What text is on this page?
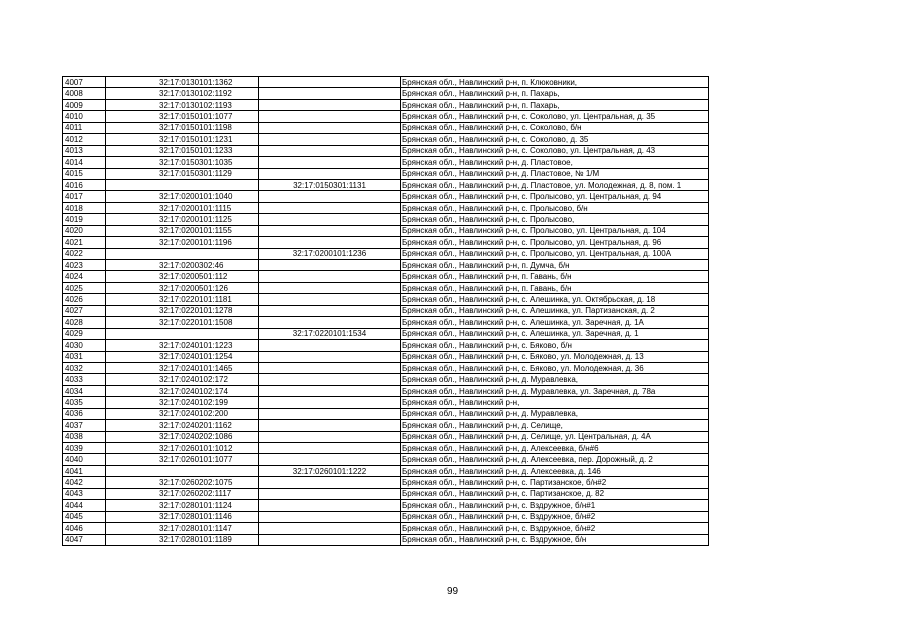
4007	32:17:0130101:1362		Брянская обл., Навлинский р-н, п. Клюковники,
4008	32:17:0130102:1192		Брянская обл., Навлинский р-н, п. Пахарь,
4009	32:17:0130102:1193		Брянская обл., Навлинский р-н, п. Пахарь,
4010	32:17:0150101:1077		Брянская обл., Навлинский р-н, с. Соколово, ул. Центральная, д. 35
4011	32:17:0150101:1198		Брянская обл., Навлинский р-н, с. Соколово, б/н
4012	32:17:0150101:1231		Брянская обл., Навлинский р-н, с. Соколово, д. 35
4013	32:17:0150101:1233		Брянская обл., Навлинский р-н, с. Соколово, ул. Центральная, д. 43
4014	32:17:0150301:1035		Брянская обл., Навлинский р-н, д. Пластовое,
4015	32:17:0150301:1129		Брянская обл., Навлинский р-н, д. Пластовое, № 1/М
4016		32:17:0150301:1131	Брянская обл., Навлинский р-н, д. Пластовое, ул. Молодежная, д. 8, пом. 1
4017	32:17:0200101:1040		Брянская обл., Навлинский р-н, с. Пролысово, ул. Центральная, д. 94
4018	32:17:0200101:1115		Брянская обл., Навлинский р-н, с. Пролысово, б/н
4019	32:17:0200101:1125		Брянская обл., Навлинский р-н, с. Пролысово,
4020	32:17:0200101:1155		Брянская обл., Навлинский р-н, с. Пролысово, ул. Центральная, д. 104
4021	32:17:0200101:1196		Брянская обл., Навлинский р-н, с. Пролысово, ул. Центральная, д. 96
4022		32:17:0200101:1236	Брянская обл., Навлинский р-н, с. Пролысово, ул. Центральная, д. 100А
4023	32:17:0200302:46		Брянская обл., Навлинский р-н, п. Думча, б/н
4024	32:17:0200501:112		Брянская обл., Навлинский р-н, п. Гавань, б/н
4025	32:17:0200501:126		Брянская обл., Навлинский р-н, п. Гавань, б/н
4026	32:17:0220101:1181		Брянская обл., Навлинский р-н, с. Алешинка, ул. Октябрьская, д. 18
4027	32:17:0220101:1278		Брянская обл., Навлинский р-н, с. Алешинка, ул. Партизанская, д. 2
4028	32:17:0220101:1508		Брянская обл., Навлинский р-н, с. Алешинка, ул. Заречная, д. 1А
4029		32:17:0220101:1534	Брянская обл., Навлинский р-н, с. Алешинка, ул. Заречная, д. 1
4030	32:17:0240101:1223		Брянская обл., Навлинский р-н, с. Бяково, б/н
4031	32:17:0240101:1254		Брянская обл., Навлинский р-н, с. Бяково, ул. Молодежная, д. 13
4032	32:17:0240101:1465		Брянская обл., Навлинский р-н, с. Бяково, ул. Молодежная, д. 36
4033	32:17:0240102:172		Брянская обл., Навлинский р-н, д. Муравлевка,
4034	32:17:0240102:174		Брянская обл., Навлинский р-н, д. Муравлевка, ул. Заречная, д. 78а
4035	32:17:0240102:199		Брянская обл., Навлинский р-н,
4036	32:17:0240102:200		Брянская обл., Навлинский р-н, д. Муравлевка,
4037	32:17:0240201:1162		Брянская обл., Навлинский р-н, д. Селище,
4038	32:17:0240202:1086		Брянская обл., Навлинский р-н, д. Селище, ул. Центральная, д. 4А
4039	32:17:0260101:1012		Брянская обл., Навлинский р-н, д. Алексеевка, б/н#6
4040	32:17:0260101:1077		Брянская обл., Навлинский р-н, д. Алексеевка, пер. Дорожный, д. 2
4041		32:17:0260101:1222	Брянская обл., Навлинский р-н, д. Алексеевка, д. 146
4042	32:17:0260202:1075		Брянская обл., Навлинский р-н, с. Партизанское, б/н#2
4043	32:17:0260202:1117		Брянская обл., Навлинский р-н, с. Партизанское, д. 82
4044	32:17:0280101:1124		Брянская обл., Навлинский р-н, с. Вздружное, б/н#1
4045	32:17:0280101:1146		Брянская обл., Навлинский р-н, с. Вздружное, б/н#2
4046	32:17:0280101:1147		Брянская обл., Навлинский р-н, с. Вздружное, б/н#2
4047	32:17:0280101:1189		Брянская обл., Навлинский р-н, с. Вздружное, б/н
99
